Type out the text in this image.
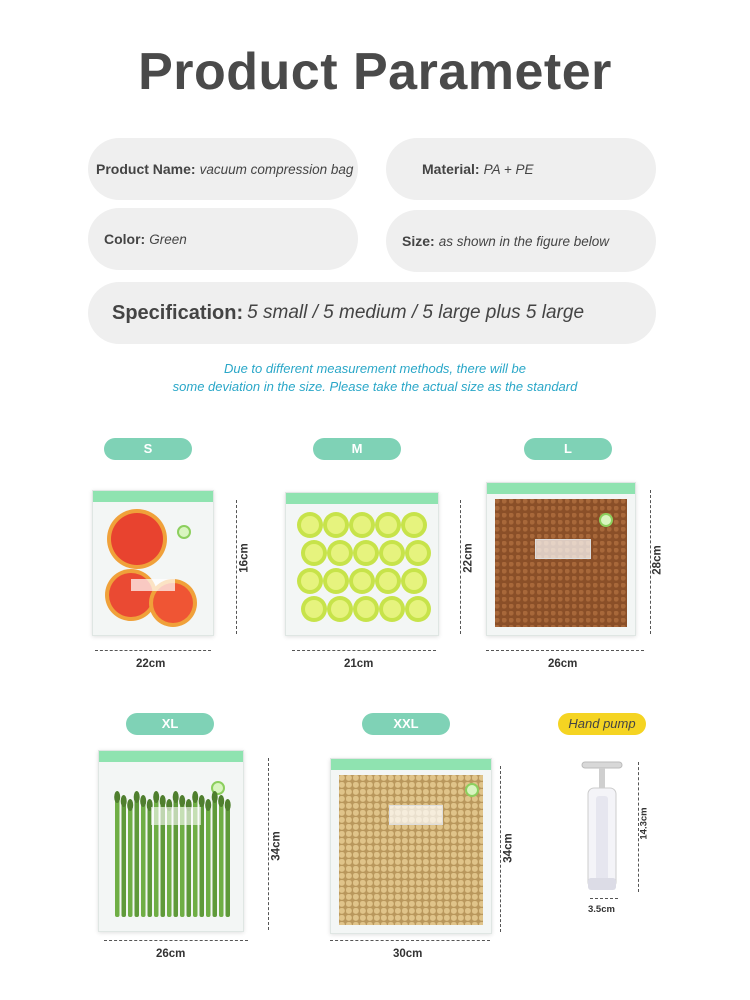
Product Parameter
Product Name: vacuum compression bag	Material: PA + PE
Color: Green	Size: as shown in the figure below
Specification: 5 small / 5 medium / 5 large plus 5 large
Due to different measurement methods, there will be
some deviation in the size. Please take the actual size as the standard
S
22cm
16cm
M
21cm
22cm
L
26cm
28cm
XL
26cm
34cm
XXL
30cm
34cm
Hand pump
14.3cm
3.5cm
